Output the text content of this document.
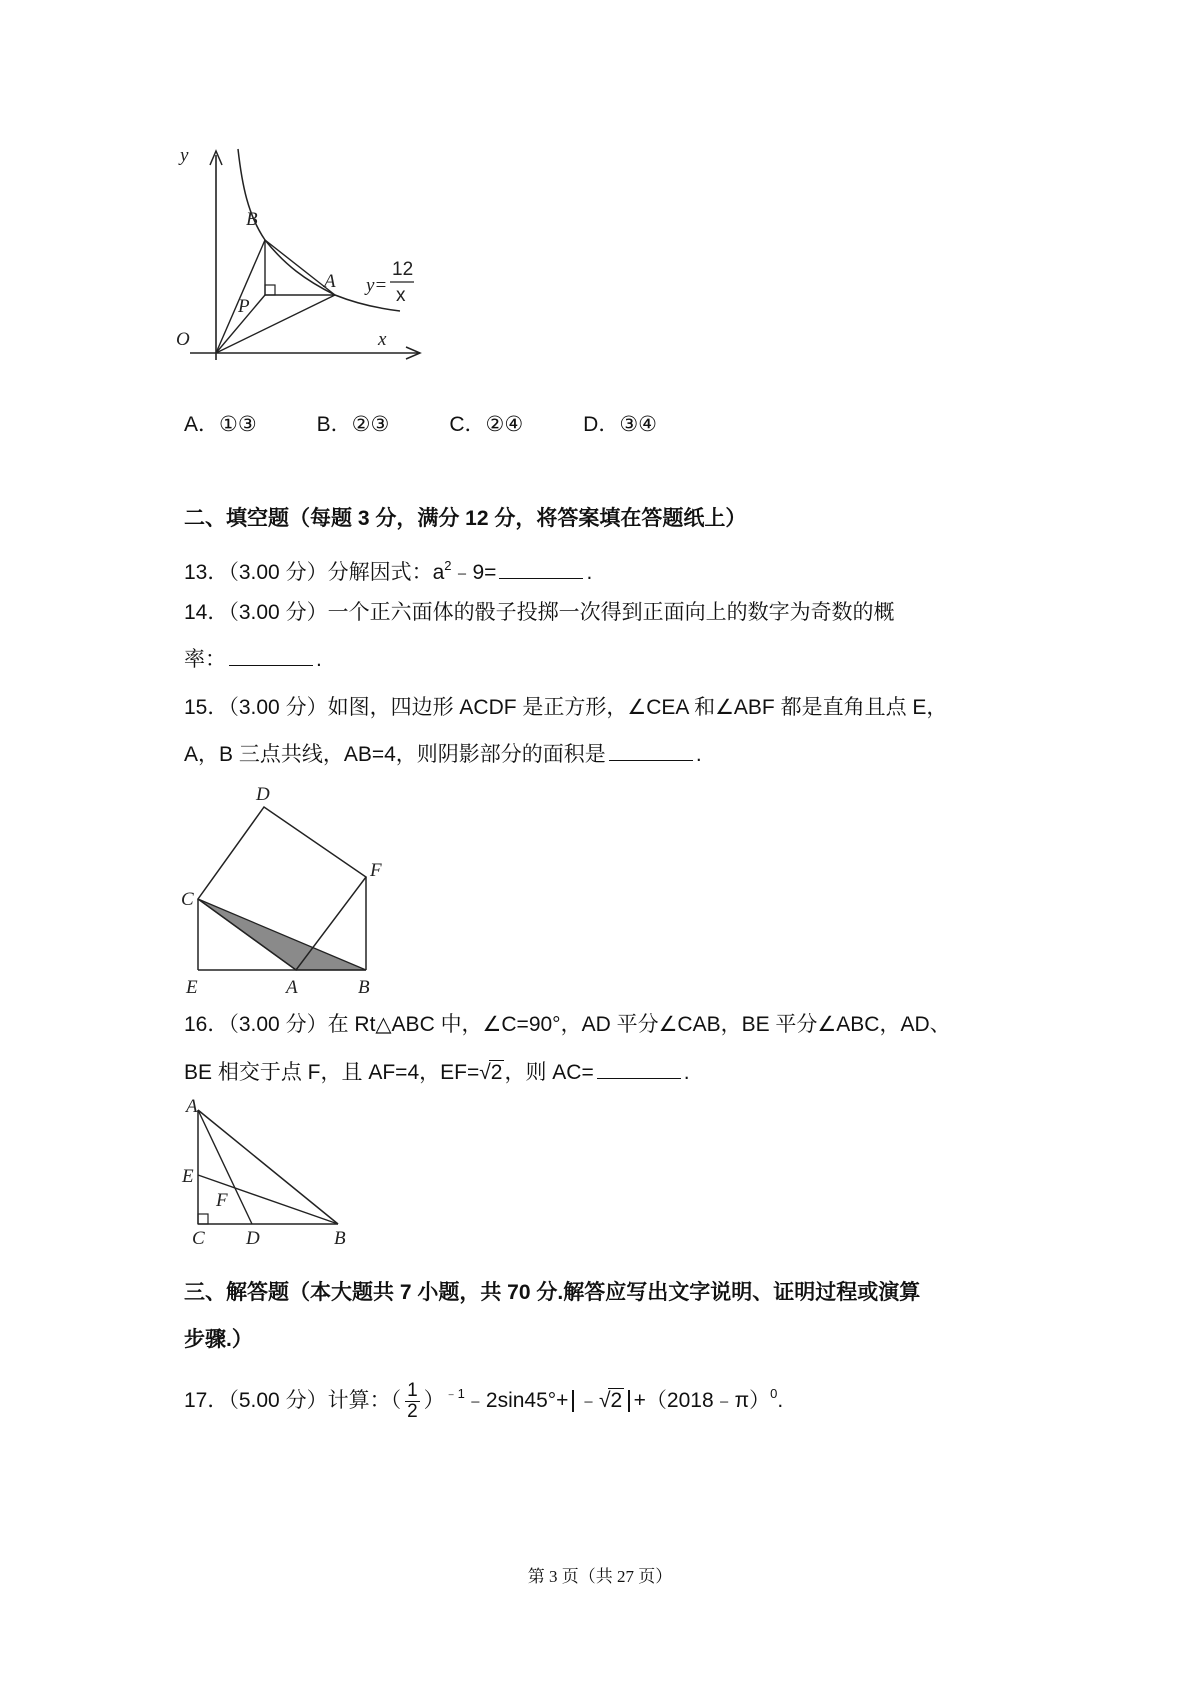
y
x
O
B
A
P
y=
12
x
A．①③	B．②③	C．②④	D．③④
二、填空题（每题 3 分，满分 12 分，将答案填在答题纸上）
13．（3.00 分）分解因式：$a^2﹣9=$	.
14．（3.00 分）一个正六面体的骰子投掷一次得到正面向上的数字为奇数的概
率：	.
15．（3.00 分）如图，四边形 ACDF 是正方形，∠CEA 和∠ABF 都是直角且点 E，
A，B 三点共线，AB=4，则阴影部分的面积是	.
D
F
C
E	A	B
16．（3.00 分）在 Rt△ABC 中，∠C=90°，AD 平分∠CAB，BE 平分∠ABC，AD、
BE 相交于点 F，且 AF=4，EF=√2，则 AC=	.
A
E
F
C D	B
三、解答题（本大题共 7 小题，共 70 分.解答应写出文字说明、证明过程或演算
步骤.）
17．（5.00 分）计算：（ $\frac{1}{2}$ ）$^{﹣1}$﹣2sin45°+ ﹣√2 +（2018﹣π）$^0$.
第 3 页（共 27 页）
